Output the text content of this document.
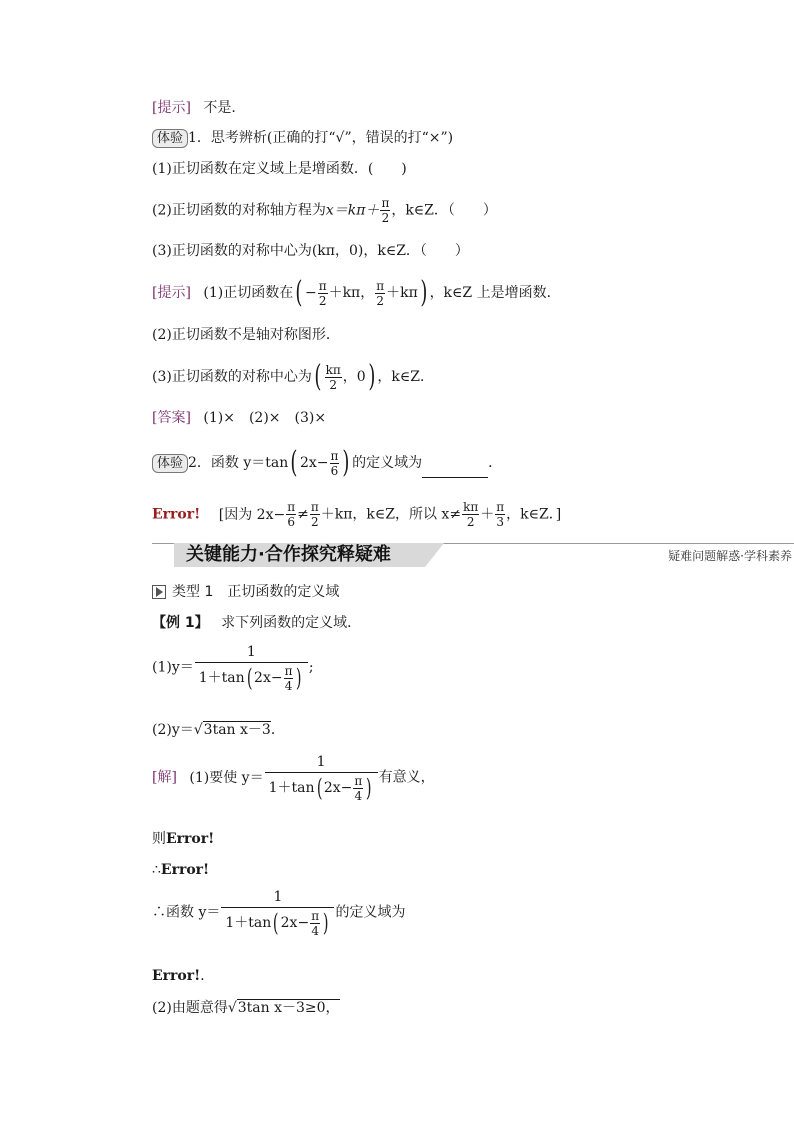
[提示] 不是.
体验 1．思考辨析(正确的打“√”，错误的打“×”)
(1)正切函数在定义域上是增函数．(　　)
(2)正切函数的对称轴方程为$x=k\pi+ \frac{\pi}{2}$ ，k∈Z．（　　）
(3)正切函数的对称中心为(kπ，0)，k∈Z．（　　）
[提示] (1)正切函数在( − $\frac{\pi}{2} +k\pi$， $\frac{\pi}{2} +k\pi$) ，k∈Z 上是增函数．
(2)正切函数不是轴对称图形．
(3)正切函数的对称中心为( $\frac{k\pi}{2}$ ，0) ，k∈Z．
[答案] (1)×　(2)×　(3)×
体验 2．函数 y＝tan( $2x- \frac{\pi}{6}$ ) 的定义域为	．
Error! [因为 $2x- \frac{\pi}{6} \ne \frac{\pi}{2} +k\pi$，k∈Z，所以 $x\ne \frac{k\pi}{2} + \frac{\pi}{3}$ ，k∈Z．]
关键能力·合作探究释疑难	疑难问题解惑·学科素养
类型 1　正切函数的定义域
【例 1】 求下列函数的定义域．
$(1)y= \frac{1}{1+\tan( 2x- \frac{\pi}{4} )}$ ;
(2)y＝√3tan x－3．
[解] (1)要使 $y= \frac{1}{1+\tan( 2x- \frac{\pi}{4} )}$ 有意义，
则Error!
∴Error!
∴函数 $y= \frac{1}{1+\tan( 2x- \frac{\pi}{4} )}$ 的定义域为
Error!．
(2)由题意得√3tan x－3≥0，
